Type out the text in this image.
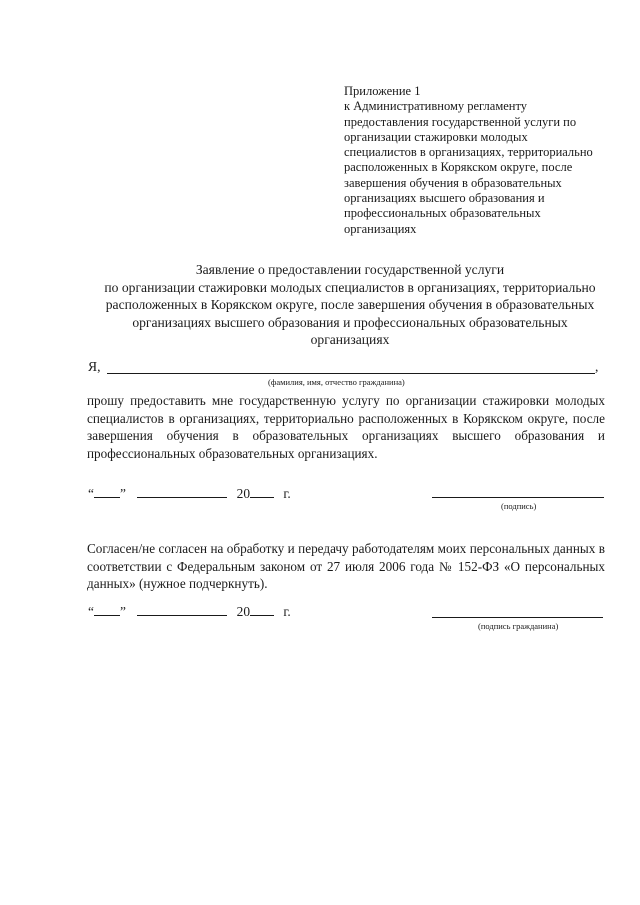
Приложение 1
к Административному регламенту
предоставления государственной услуги по
организации стажировки молодых
специалистов в организациях, территориально
расположенных в Корякском округе, после
завершения обучения в образовательных
организациях высшего образования и
профессиональных образовательных
организациях
Заявление о предоставлении государственной услуги
по организации стажировки молодых специалистов в организациях, территориально
расположенных в Корякском округе, после завершения обучения в образовательных
организациях высшего образования и профессиональных образовательных
организациях
Я,	,
(фамилия, имя, отчество гражданина)
прошу предоставить мне государственную услугу по организации стажировки молодых
специалистов в организациях, территориально расположенных в Корякском округе, после
завершения обучения в образовательных организациях высшего образования и
профессиональных образовательных организациях.
“ ”	20 г.
(подпись)
Согласен/не согласен на обработку и передачу работодателям моих персональных данных в
соответствии с Федеральным законом от 27 июля 2006 года № 152-ФЗ «О персональных
данных» (нужное подчеркнуть).
“ ”	20 г.
(подпись гражданина)
